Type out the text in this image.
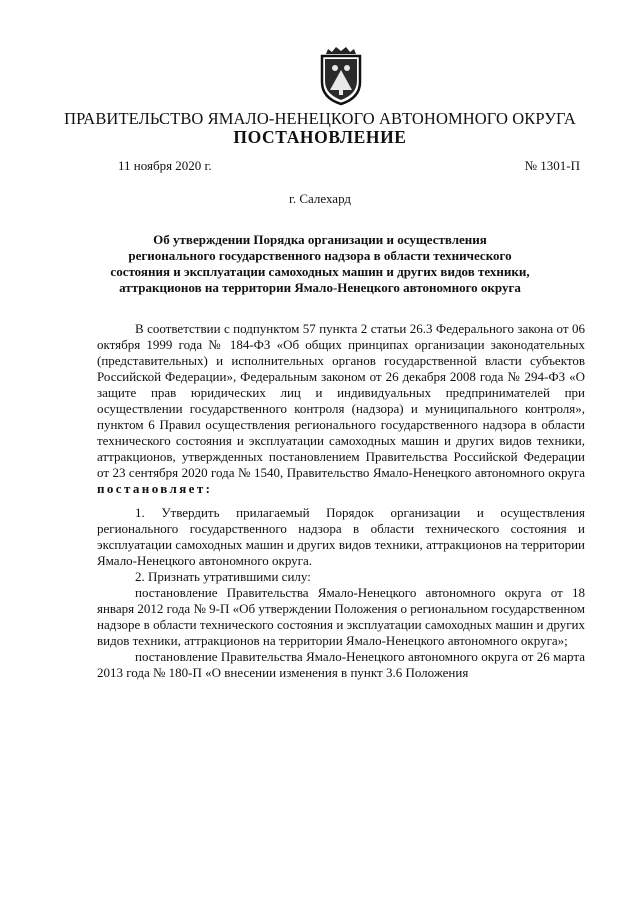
ПРАВИТЕЛЬСТВО ЯМАЛО-НЕНЕЦКОГО АВТОНОМНОГО ОКРУГА
ПОСТАНОВЛЕНИЕ
11 ноября 2020 г.	№ 1301-П
г. Салехард
Об утверждении Порядка организации и осуществления
регионального государственного надзора в области технического
состояния и эксплуатации самоходных машин и других видов техники,
аттракционов на территории Ямало-Ненецкого автономного округа

В соответствии с подпунктом 57 пункта 2 статьи 26.3 Федерального закона от 06 октября 1999 года № 184-ФЗ «Об общих принципах организации законодательных (представительных) и исполнительных органов государственной власти субъектов Российской Федерации», Федеральным законом от 26 декабря 2008 года № 294-ФЗ «О защите прав юридических лиц и индивидуальных предпринимателей при осуществлении государственного контроля (надзора) и муниципального контроля», пунктом 6 Правил осуществления регионального государственного надзора в области технического состояния и эксплуатации самоходных машин и других видов техники, аттракционов, утвержденных постановлением Правительства Российской Федерации от 23 сентября 2020 года № 1540, Правительство Ямало-Ненецкого автономного округа постановляет:

1. Утвердить прилагаемый Порядок организации и осуществления регионального государственного надзора в области технического состояния и эксплуатации самоходных машин и других видов техники, аттракционов на территории Ямало-Ненецкого автономного округа.

2. Признать утратившими силу:

постановление Правительства Ямало-Ненецкого автономного округа от 18 января 2012 года № 9-П «Об утверждении Положения о региональном государственном надзоре в области технического состояния и эксплуатации самоходных машин и других видов техники, аттракционов на территории Ямало-Ненецкого автономного округа»;

постановление Правительства Ямало-Ненецкого автономного округа от 26 марта 2013 года № 180-П «О внесении изменения в пункт 3.6 Положения
